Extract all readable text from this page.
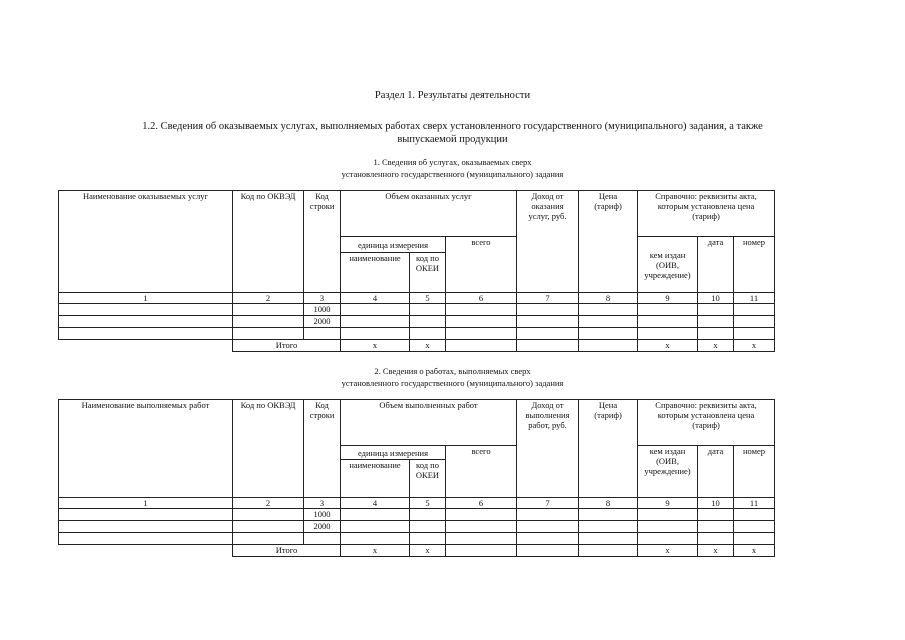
Раздел 1. Результаты деятельности
1.2. Сведения об оказываемых услугах, выполняемых работах сверх установленного государственного (муниципального) задания, а также
выпускаемой продукции
1. Сведения об услугах, оказываемых сверх
установленного государственного (муниципального) задания
Наименование оказываемых услуг	Код по ОКВЭД	Код
строки	Объем оказанных услуг			Доход от
оказания
услуг, руб.	Цена
(тариф)	Справочно: реквизиты акта,
которым установлена цена
(тариф)		
			единица измерения		всего			кем издан
(ОИВ,
учреждение)	дата	номер
			наименование	код по
ОКЕИ						
1	2	3	4	5	6	7	8	9	10	11
		1000								
		2000								

	Итого		x	x				x	x	x
2. Сведения о работах, выполняемых сверх
установленного государственного (муниципального) задания
Наименование выполняемых работ	Код по ОКВЭД	Код
строки	Объем выполненных работ			Доход от
выполнения
работ, руб.	Цена
(тариф)	Справочно: реквизиты акта,
которым установлена цена
(тариф)		
			единица измерения		всего			кем издан
(ОИВ,
учреждение)	дата	номер
			наименование	код по
ОКЕИ						
1	2	3	4	5	6	7	8	9	10	11
		1000								
		2000								

	Итого		x	x				x	x	x
